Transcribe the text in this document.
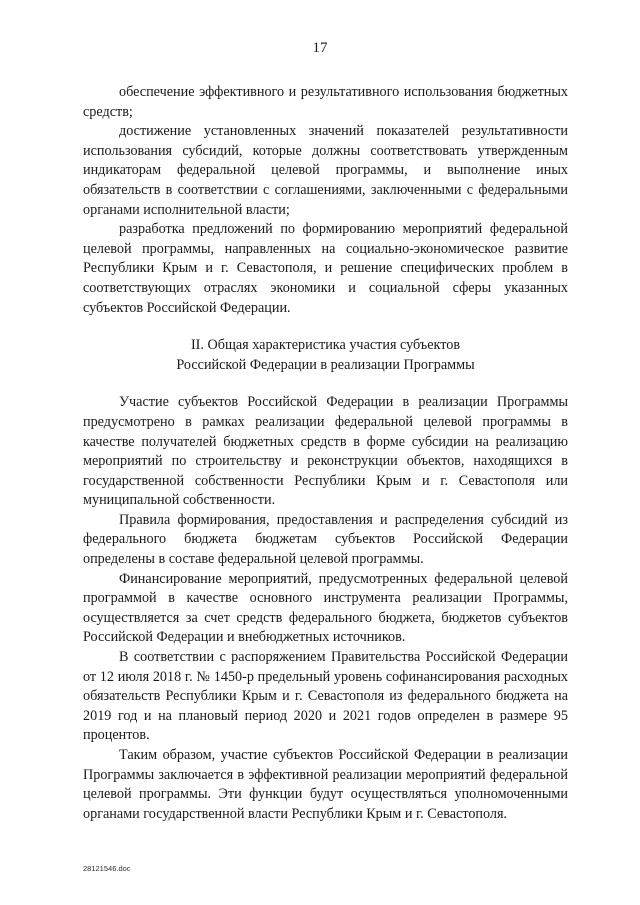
17

обеспечение эффективного и результативного использования бюджетных средств;

достижение установленных значений показателей результативности использования субсидий, которые должны соответствовать утвержденным индикаторам федеральной целевой программы, и выполнение иных обязательств в соответствии с соглашениями, заключенными с федеральными органами исполнительной власти;

разработка предложений по формированию мероприятий федеральной целевой программы, направленных на социально-экономическое развитие Республики Крым и г. Севастополя, и решение специфических проблем в соответствующих отраслях экономики и социальной сферы указанных субъектов Российской Федерации.

II. Общая характеристика участия субъектов
Российской Федерации в реализации Программы

Участие субъектов Российской Федерации в реализации Программы предусмотрено в рамках реализации федеральной целевой программы в качестве получателей бюджетных средств в форме субсидии на реализацию мероприятий по строительству и реконструкции объектов, находящихся в государственной собственности Республики Крым и г. Севастополя или муниципальной собственности.

Правила формирования, предоставления и распределения субсидий из федерального бюджета бюджетам субъектов Российской Федерации определены в составе федеральной целевой программы.

Финансирование мероприятий, предусмотренных федеральной целевой программой в качестве основного инструмента реализации Программы, осуществляется за счет средств федерального бюджета, бюджетов субъектов Российской Федерации и внебюджетных источников.

В соответствии с распоряжением Правительства Российской Федерации от 12 июля 2018 г. № 1450-р предельный уровень софинансирования расходных обязательств Республики Крым и г. Севастополя из федерального бюджета на 2019 год и на плановый период 2020 и 2021 годов определен в размере 95 процентов.

Таким образом, участие субъектов Российской Федерации в реализации Программы заключается в эффективной реализации мероприятий федеральной целевой программы. Эти функции будут осуществляться уполномоченными органами государственной власти Республики Крым и г. Севастополя.

28121546.doc
